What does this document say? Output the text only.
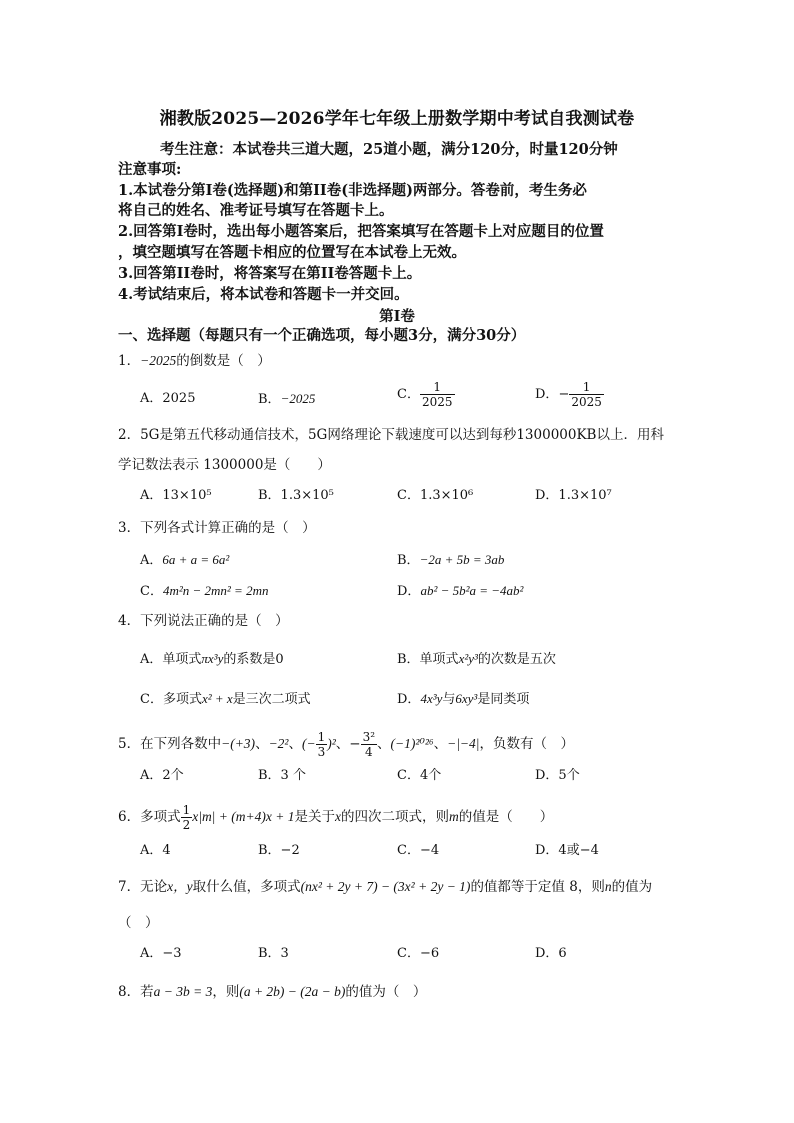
湘教版2025—2026学年七年级上册数学期中考试自我测试卷
考生注意：本试卷共三道大题，25道小题，满分120分，时量120分钟
注意事项:
1.本试卷分第Ⅰ卷(选择题)和第II卷(非选择题)两部分。答卷前，考生务必
将自己的姓名、准考证号填写在答题卡上。
2.回答第Ⅰ卷时，选出每小题答案后，把答案填写在答题卡上对应题目的位置
，填空题填写在答题卡相应的位置写在本试卷上无效。
3.回答第II卷时，将答案写在第II卷答题卡上。
4.考试结束后，将本试卷和答题卡一并交回。
第Ⅰ卷
一、选择题（每题只有一个正确选项，每小题3分，满分30分）
1．−2025的倒数是（　）
A．2025	B．−2025	C． $\frac{1}{2025}$	D．− $\frac{1}{2025}$
2．5G是第五代移动通信技术，5G网络理论下载速度可以达到每秒1300000KB以上．用科
学记数法表示 1300000是（　　）
A．13×10⁵	B．1.3×10⁵	C．1.3×10⁶	D．1.3×10⁷
3．下列各式计算正确的是（　）
A．6a + a = 6a²	B．−2a + 5b = 3ab
C．4m²n − 2mn² = 2mn	D．ab² − 5b²a = −4ab²
4．下列说法正确的是（　）
A．单项式πx³y的系数是0	B．单项式x²y³的次数是五次
C．多项式x² + x是三次二项式	D．4x³y与6xy³是同类项
5．在下列各数中−(+3)、−2²、(− $\frac{1}{3} )^2$、− $\frac{\text{3²}}{4}$ 、(−1)²⁰²⁶、−|−4|，负数有（　）
A．2个	B．3 个	C．4个	D．5个
6．多项式 $\frac{1}{2} x|m| + (m+4)x + 1$是关于x的四次二项式，则m的值是（　　）
A．4	B．−2	C．−4	D．4或−4
7．无论x，y取什么值，多项式(nx² + 2y + 7) − (3x² + 2y − 1)的值都等于定值 8，则n的值为
（　）
A．−3	B．3	C．−6	D．6
8．若a − 3b = 3，则(a + 2b) − (2a − b)的值为（　）
